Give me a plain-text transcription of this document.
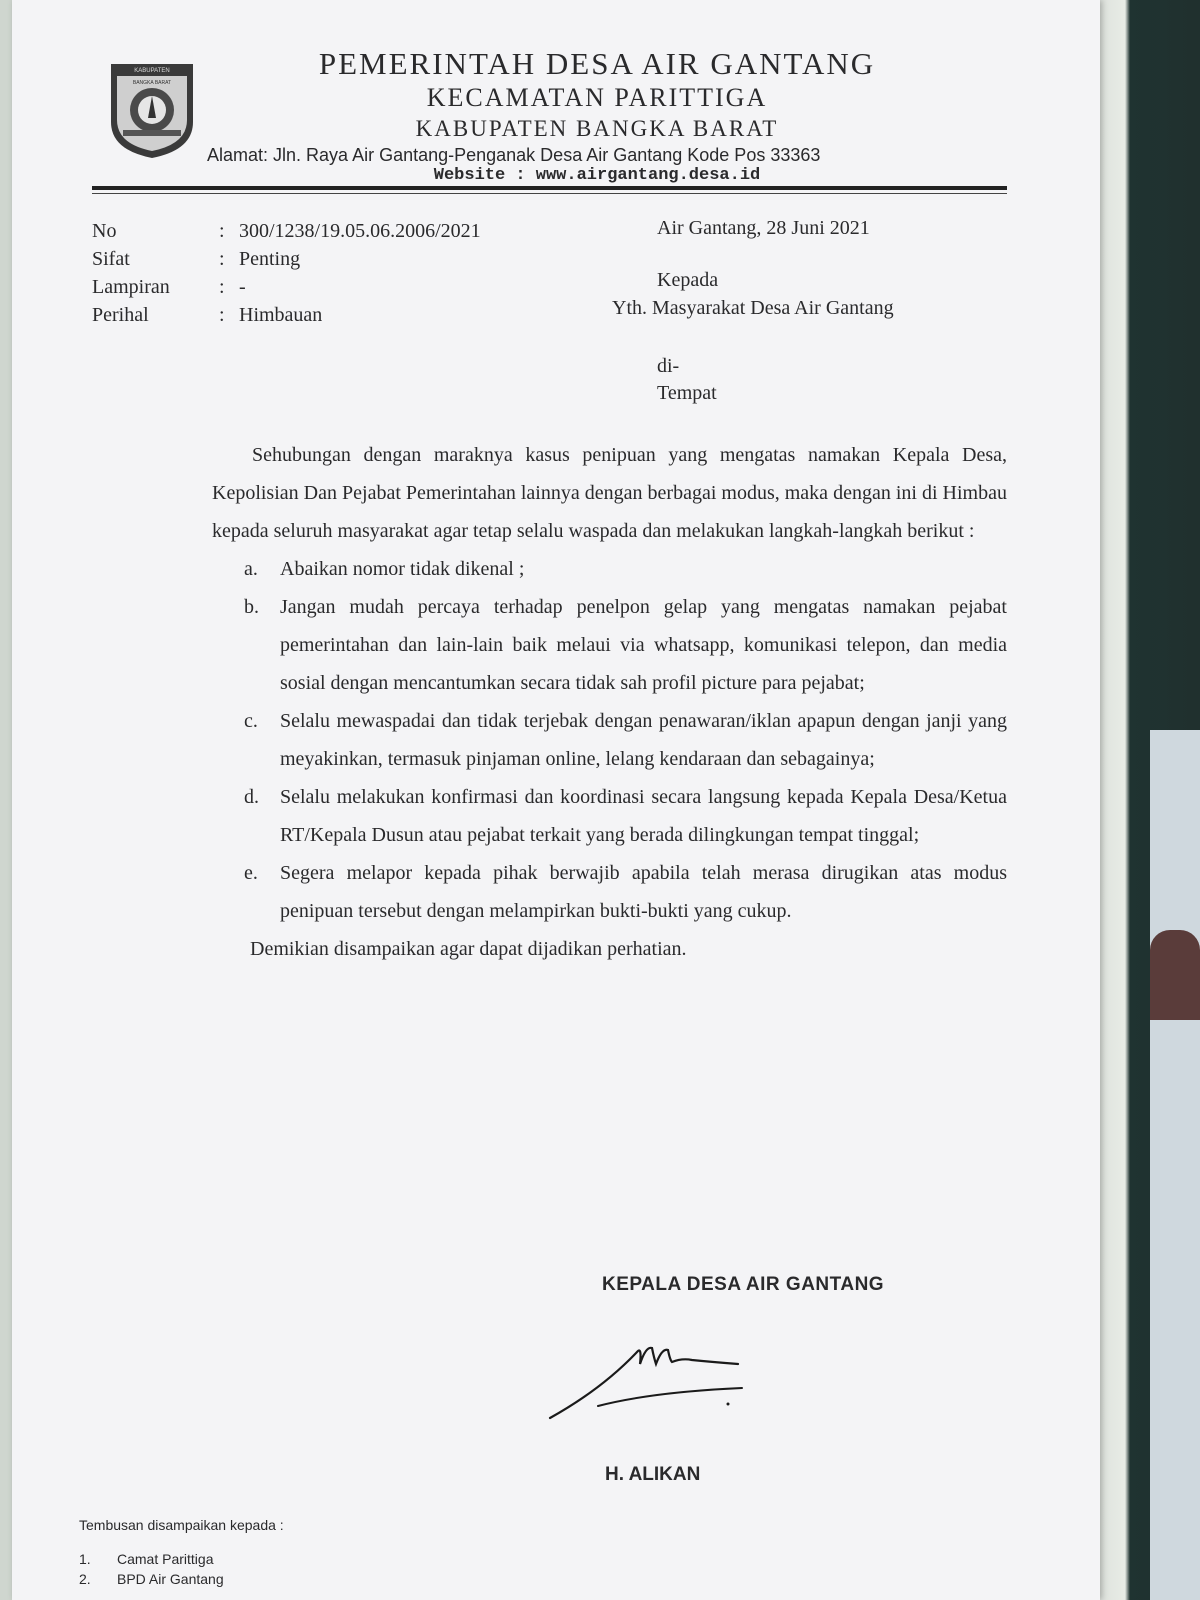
KABUPATEN
BANGKA BARAT
PEMERINTAH DESA AIR GANTANG
KECAMATAN PARITTIGA
KABUPATEN BANGKA BARAT
Alamat: Jln. Raya Air Gantang-Penganak Desa Air Gantang Kode Pos 33363
Website : www.airgantang.desa.id
No	: 300/1238/19.05.06.2006/2021
Sifat	: Penting
Lampiran	: -
Perihal	: Himbauan
Air Gantang, 28 Juni 2021
Kepada
Yth. Masyarakat Desa Air Gantang
di-
Tempat

Sehubungan dengan maraknya kasus penipuan yang mengatas namakan Kepala Desa, Kepolisian Dan Pejabat Pemerintahan lainnya dengan berbagai modus, maka dengan ini di Himbau kepada seluruh masyarakat agar tetap selalu waspada dan melakukan langkah-langkah berikut :

a. Abaikan nomor tidak dikenal ;
b. Jangan mudah percaya terhadap penelpon gelap yang mengatas namakan pejabat pemerintahan dan lain-lain baik melaui via whatsapp, komunikasi telepon, dan media sosial dengan mencantumkan secara tidak sah profil picture para pejabat;
c. Selalu mewaspadai dan tidak terjebak dengan penawaran/iklan apapun dengan janji yang meyakinkan, termasuk pinjaman online, lelang kendaraan dan sebagainya;
d. Selalu melakukan konfirmasi dan koordinasi secara langsung kepada Kepala Desa/Ketua RT/Kepala Dusun atau pejabat terkait yang berada dilingkungan tempat tinggal;
e. Segera melapor kepada pihak berwajib apabila telah merasa dirugikan atas modus penipuan tersebut dengan melampirkan bukti-bukti yang cukup.

Demikian disampaikan agar dapat dijadikan perhatian.

KEPALA DESA AIR GANTANG
H. ALIKAN
Tembusan disampaikan kepada :
1.	Camat Parittiga
2.	BPD Air Gantang
